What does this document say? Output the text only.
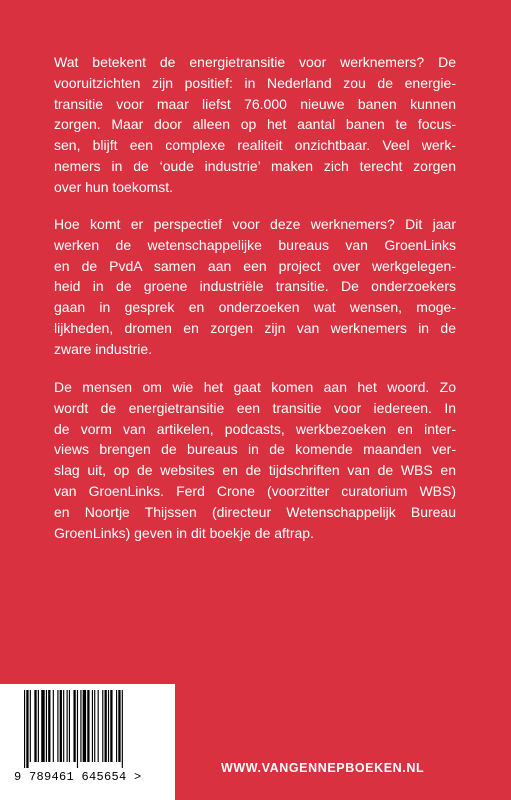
Wat betekent de energietransitie voor werknemers? De
vooruitzichten zijn positief: in Nederland zou de energie-
transitie voor maar liefst 76.000 nieuwe banen kunnen
zorgen. Maar door alleen op het aantal banen te focus-
sen, blijft een complexe realiteit onzichtbaar. Veel werk-
nemers in de ‘oude industrie’ maken zich terecht zorgen
over hun toekomst.
Hoe komt er perspectief voor deze werknemers? Dit jaar
werken de wetenschappelijke bureaus van GroenLinks
en de PvdA samen aan een project over werkgelegen-
heid in de groene industriële transitie. De onderzoekers
gaan in gesprek en onderzoeken wat wensen, moge-
lijkheden, dromen en zorgen zijn van werknemers in de
zware industrie.
De mensen om wie het gaat komen aan het woord. Zo
wordt de energietransitie een transitie voor iedereen. In
de vorm van artikelen, podcasts, werkbezoeken en inter-
views brengen de bureaus in de komende maanden ver-
slag uit, op de websites en de tijdschriften van de WBS en
van GroenLinks. Ferd Crone (voorzitter curatorium WBS)
en Noortje Thijssen (directeur Wetenschappelijk Bureau
GroenLinks) geven in dit boekje de aftrap.
9 789461 645654 >
WWW.VANGENNEPBOEKEN.NL
